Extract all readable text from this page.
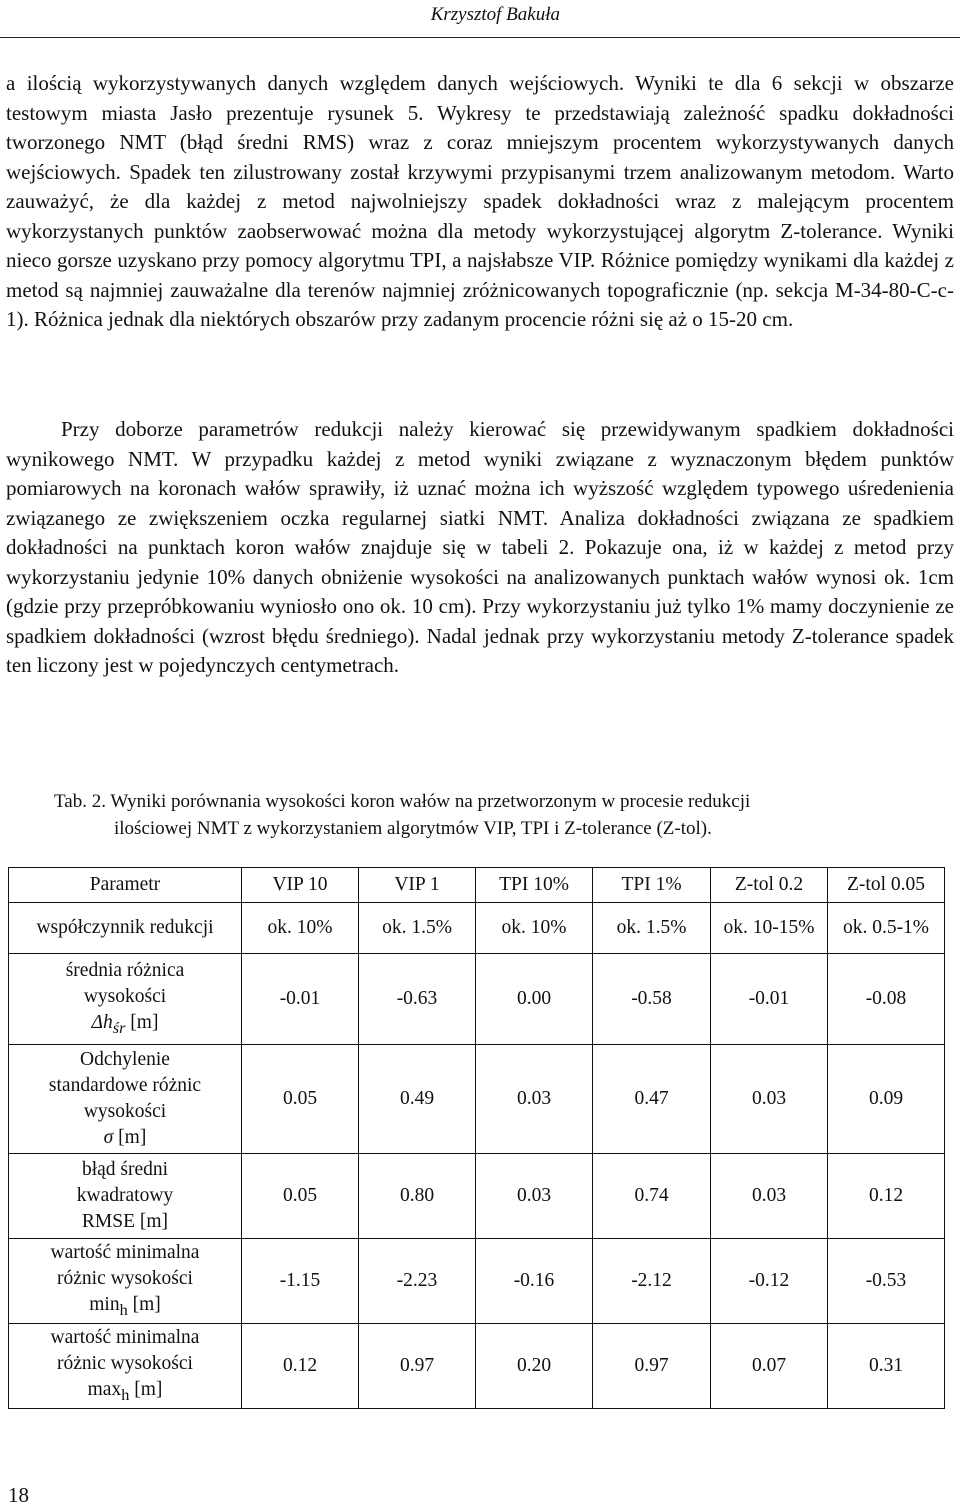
Krzysztof Bakuła

a ilością wykorzystywanych danych względem danych wejściowych. Wyniki te dla 6 sekcji w obszarze testowym miasta Jasło prezentuje rysunek 5. Wykresy te przedstawiają zależność spadku dokładności tworzonego NMT (błąd średni RMS) wraz z coraz mniejszym procentem wykorzystywanych danych wejściowych. Spadek ten zilustrowany został krzywymi przypisanymi trzem analizowanym metodom. Warto zauważyć, że dla każdej z metod najwolniejszy spadek dokładności wraz z malejącym procentem wykorzystanych punktów zaobserwować można dla metody wykorzystującej algorytm Z-tolerance. Wyniki nieco gorsze uzyskano przy pomocy algorytmu TPI, a najsłabsze VIP. Różnice pomiędzy wynikami dla każdej z metod są najmniej zauważalne dla terenów najmniej zróżnicowanych topograficznie (np. sekcja M-34-80-C-c-1). Różnica jednak dla niektórych obszarów przy zadanym procencie różni się aż o 15-20 cm.

Przy doborze parametrów redukcji należy kierować się przewidywanym spadkiem dokładności wynikowego NMT. W przypadku każdej z metod wyniki związane z wyznaczonym błędem punktów pomiarowych na koronach wałów sprawiły, iż uznać można ich wyższość względem typowego uśredenienia związanego ze zwiększeniem oczka regularnej siatki NMT. Analiza dokładności związana ze spadkiem dokładności na punktach koron wałów znajduje się w tabeli 2. Pokazuje ona, iż w każdej z metod przy wykorzystaniu jedynie 10% danych obniżenie wysokości na analizowanych punktach wałów wynosi ok. 1cm (gdzie przy przepróbkowaniu wyniosło ono ok. 10 cm). Przy wykorzystaniu już tylko 1% mamy doczynienie ze spadkiem dokładności (wzrost błędu średniego). Nadal jednak przy wykorzystaniu metody Z-tolerance spadek ten liczony jest w pojedynczych centymetrach.

Tab. 2. Wyniki porównania wysokości koron wałów na przetworzonym w procesie redukcji
ilościowej NMT z wykorzystaniem algorytmów VIP, TPI i Z-tolerance (Z-tol).
Parametr	VIP 10	VIP 1	TPI 10%	TPI 1%	Z-tol 0.2	Z-tol 0.05
współczynnik redukcji	ok. 10%	ok. 1.5%	ok. 10%	ok. 1.5%	ok. 10-15%	ok. 0.5-1%
średnia różnica
wysokości
$\Delta h_{śr}$ [m]	-0.01	-0.63	0.00	-0.58	-0.01	-0.08
Odchylenie
standardowe różnic
wysokości
σ [m]	0.05	0.49	0.03	0.47	0.03	0.09
błąd średni
kwadratowy
RMSE [m]	0.05	0.80	0.03	0.74	0.03	0.12
wartość minimalna
różnic wysokości
$\min_h [m]$	-1.15	-2.23	-0.16	-2.12	-0.12	-0.53
wartość minimalna
różnic wysokości
$\max_h [m]$	0.12	0.97	0.20	0.97	0.07	0.31
18
